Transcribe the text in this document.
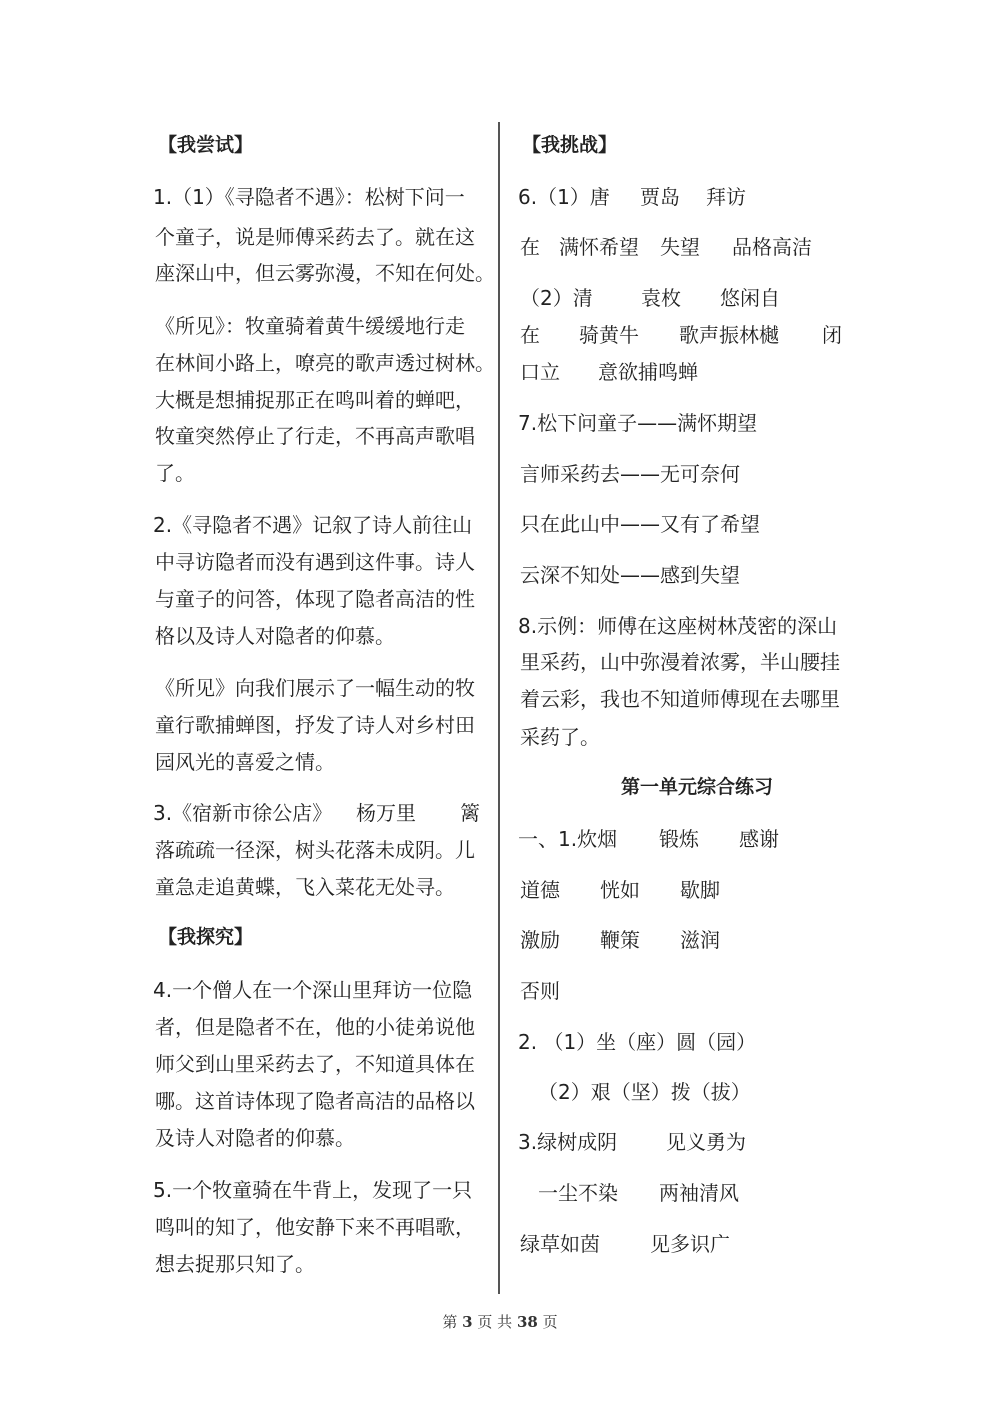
【我尝试】
1.（1）《寻隐者不遇》：松树下问一
个童子，说是师傅采药去了。就在这
座深山中，但云雾弥漫，不知在何处。
《所见》：牧童骑着黄牛缓缓地行走
在林间小路上，嘹亮的歌声透过树林。
大概是想捕捉那正在鸣叫着的蝉吧，
牧童突然停止了行走，不再高声歌唱
了。
2.《寻隐者不遇》记叙了诗人前往山
中寻访隐者而没有遇到这件事。诗人
与童子的问答，体现了隐者高洁的性
格以及诗人对隐者的仰慕。
《所见》向我们展示了一幅生动的牧
童行歌捕蝉图，抒发了诗人对乡村田
园风光的喜爱之情。
3.《宿新市徐公店》 杨万里 篱
落疏疏一径深，树头花落未成阴。儿
童急走追黄蝶，飞入菜花无处寻。
【我探究】
4.一个僧人在一个深山里拜访一位隐
者，但是隐者不在，他的小徒弟说他
师父到山里采药去了，不知道具体在
哪。这首诗体现了隐者高洁的品格以
及诗人对隐者的仰慕。
5.一个牧童骑在牛背上，发现了一只
鸣叫的知了，他安静下来不再唱歌，
想去捉那只知了。
【我挑战】
6.（1）唐 贾岛 拜访
在 满怀希望 失望 品格高洁
（2）清 袁枚 悠闲自
在 骑黄牛 歌声振林樾 闭
口立 意欲捕鸣蝉
7.松下问童子——满怀期望
言师采药去——无可奈何
只在此山中——又有了希望
云深不知处——感到失望
8.示例：师傅在这座树林茂密的深山
里采药，山中弥漫着浓雾，半山腰挂
着云彩，我也不知道师傅现在去哪里
采药了。
第一单元综合练习
一、1.炊烟 锻炼 感谢
道德 恍如 歇脚
激励 鞭策 滋润
否则
2. （1）坐（座）圆（园）
（2）艰（坚）拨（拔）
3.绿树成阴 见义勇为
一尘不染 两袖清风
绿草如茵	见多识广
第 3 页 共 38 页
